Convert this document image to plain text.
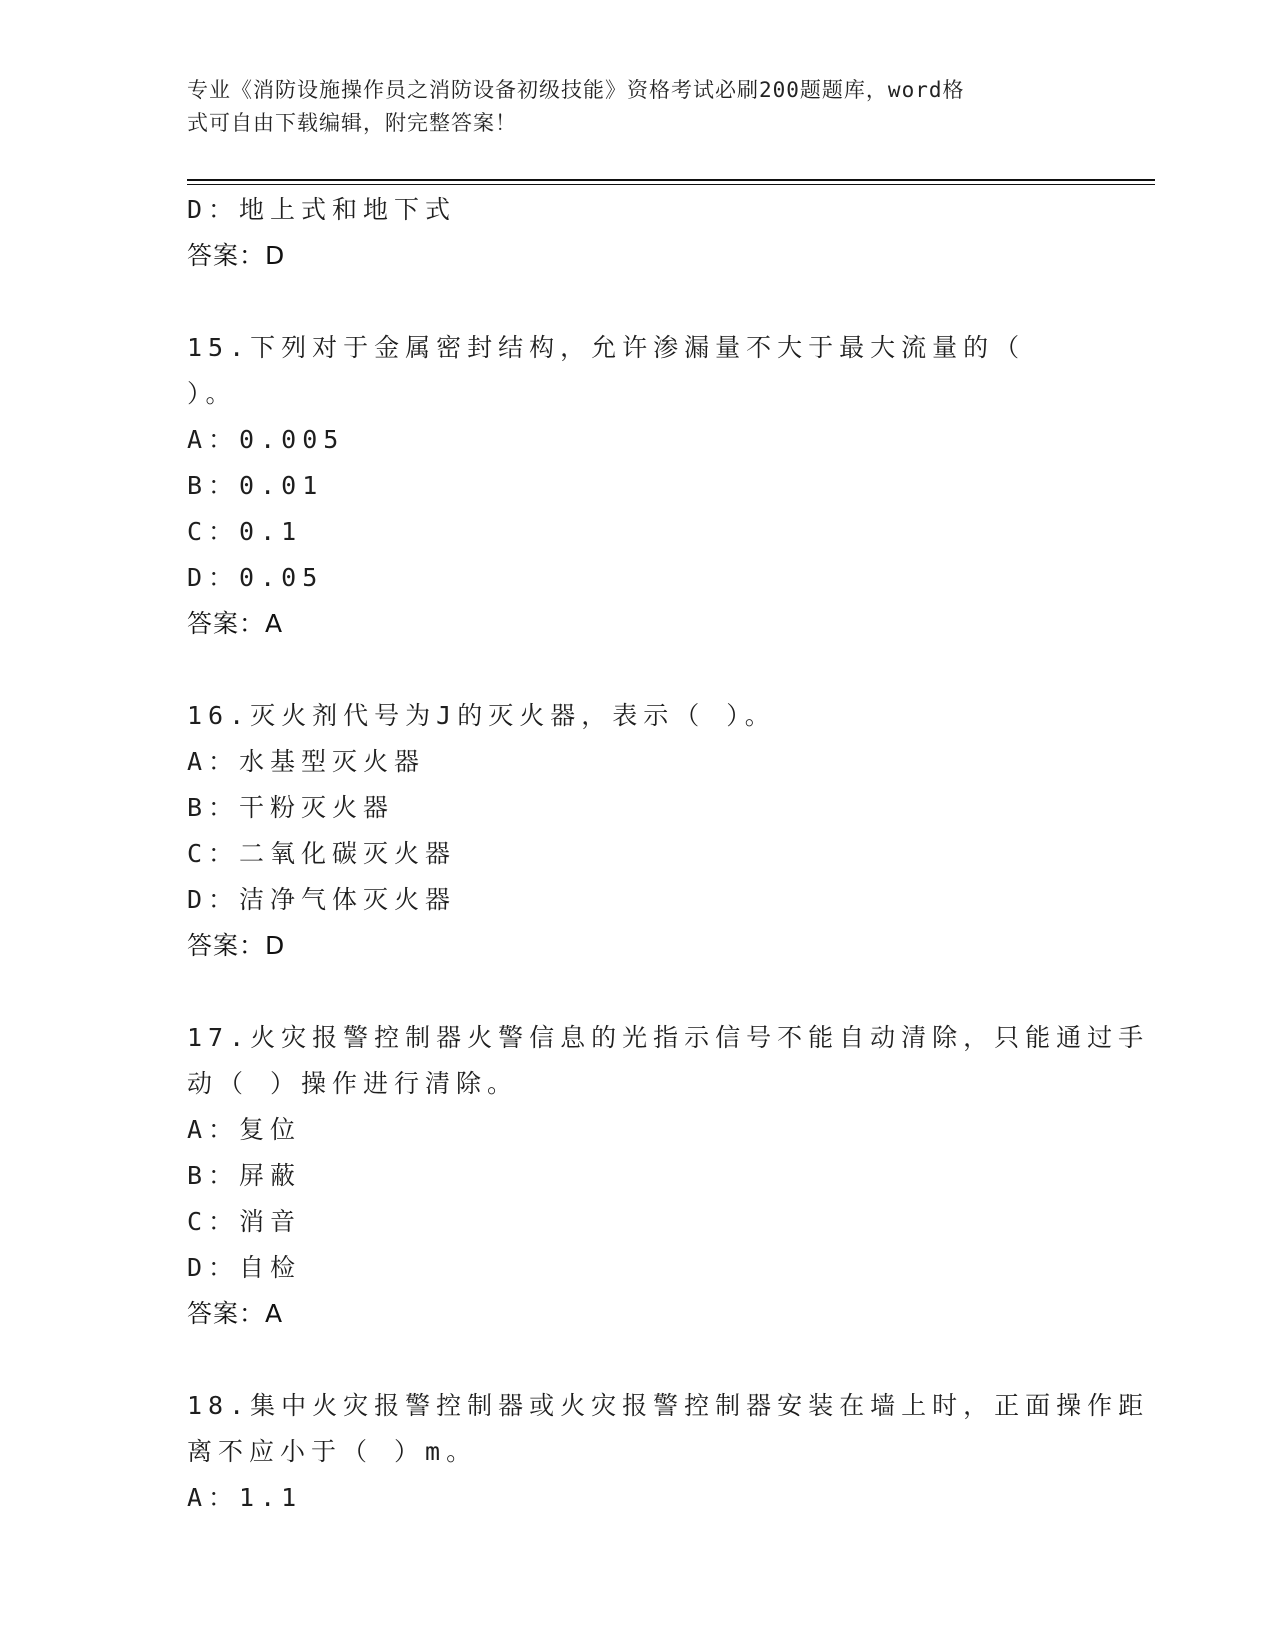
专业《消防设施操作员之消防设备初级技能》资格考试必刷200题题库，word格
式可自由下载编辑，附完整答案！
D：地上式和地下式
答案：D
15.下列对于金属密封结构，允许渗漏量不大于最大流量的（ ）。
A：0.005
B：0.01
C：0.1
D：0.05
答案：A
16.灭火剂代号为J的灭火器，表示（ ）。
A：水基型灭火器
B：干粉灭火器
C：二氧化碳灭火器
D：洁净气体灭火器
答案：D
17.火灾报警控制器火警信息的光指示信号不能自动清除，只能通过手
动（ ）操作进行清除。
A：复位
B：屏蔽
C：消音
D：自检
答案：A
18.集中火灾报警控制器或火灾报警控制器安装在墙上时，正面操作距
离不应小于（ ）m。
A：1.1
